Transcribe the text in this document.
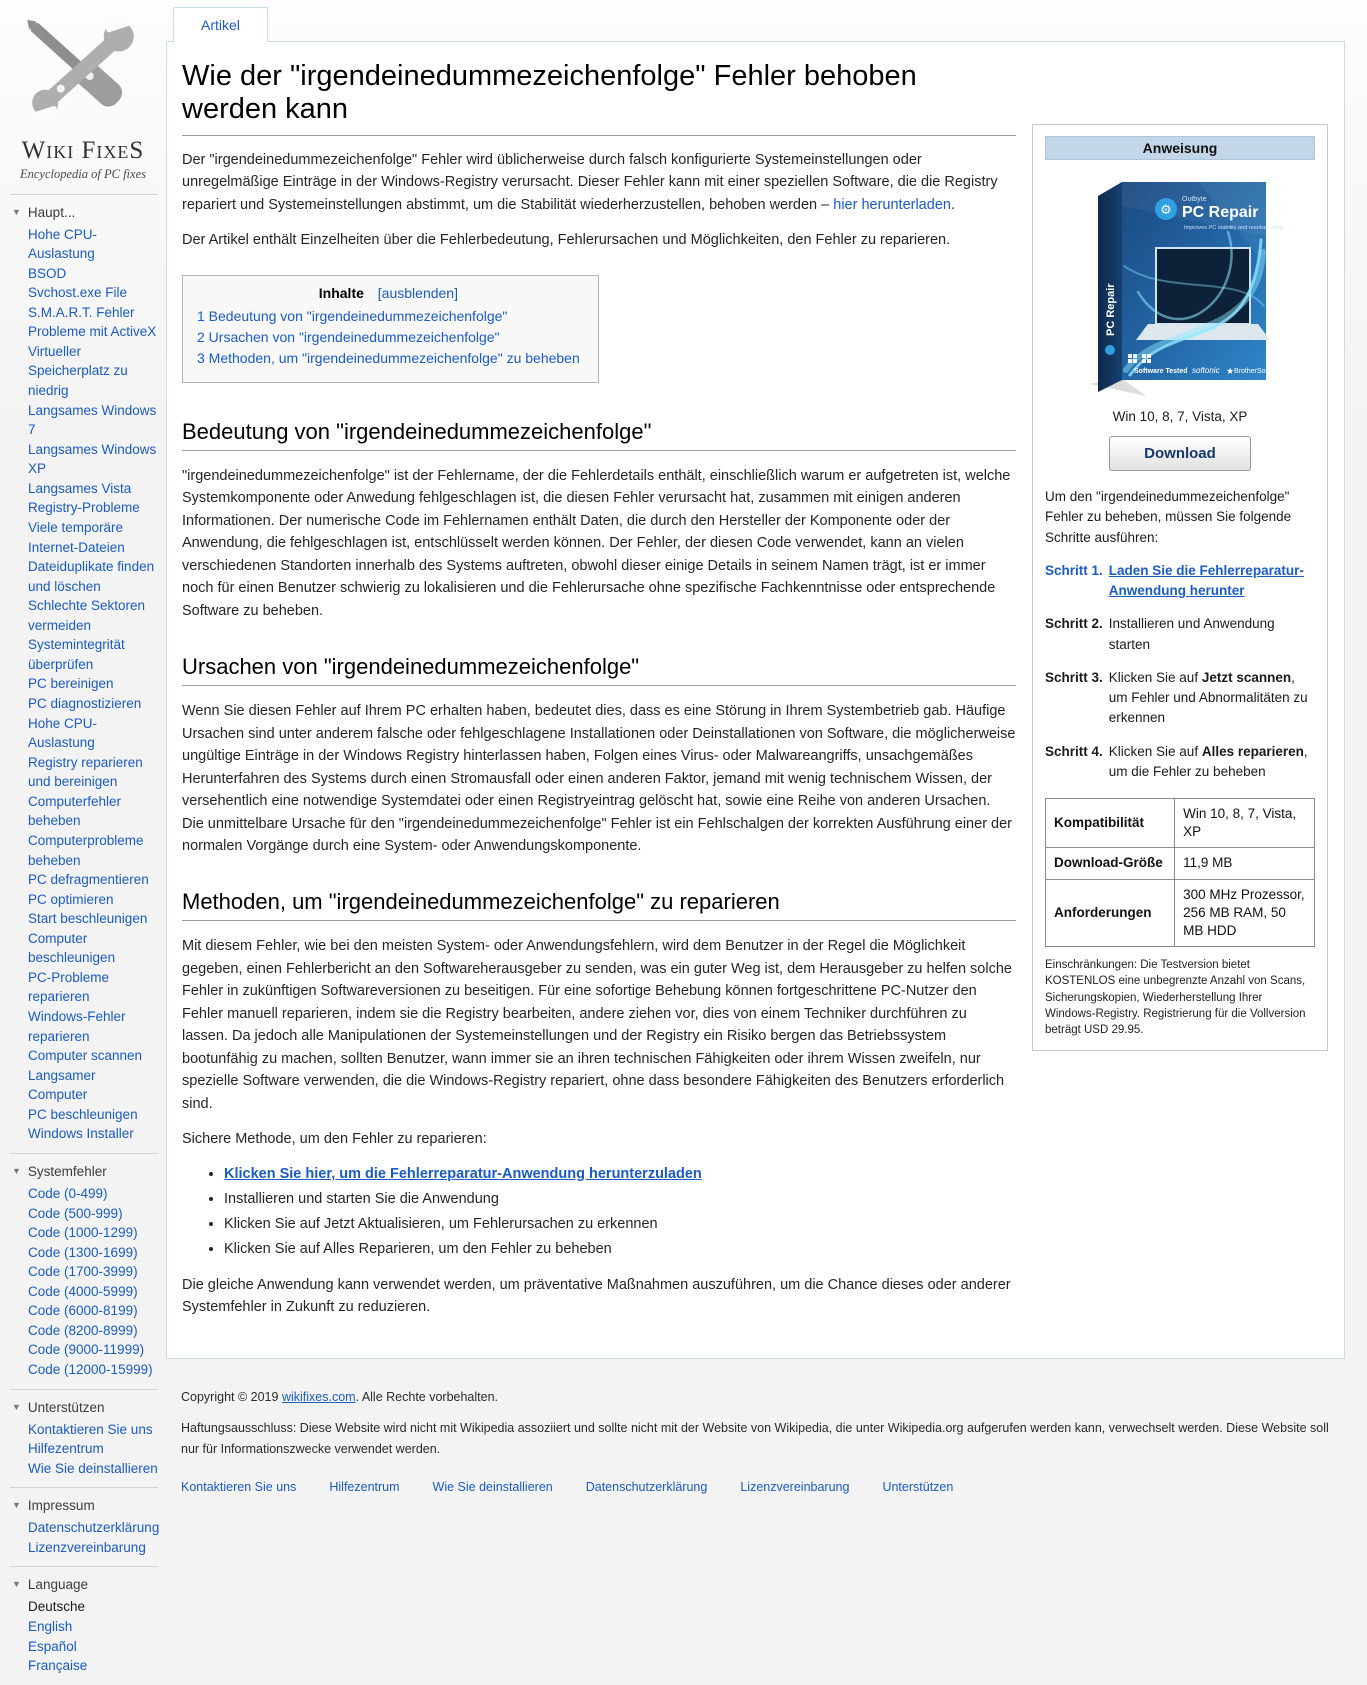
Wiki FixeS
Encyclopedia of PC fixes
▼ Haupt...
Hohe CPU-Auslastung
BSOD
Svchost.exe File
S.M.A.R.T. Fehler
Probleme mit ActiveX
Virtueller Speicherplatz zu niedrig
Langsames Windows 7
Langsames Windows XP
Langsames Vista
Registry-Probleme
Viele temporäre Internet-Dateien
Dateiduplikate finden und löschen
Schlechte Sektoren vermeiden
Systemintegrität überprüfen
PC bereinigen
PC diagnostizieren
Hohe CPU-Auslastung
Registry reparieren und bereinigen
Computerfehler beheben
Computerprobleme beheben
PC defragmentieren
PC optimieren
Start beschleunigen
Computer beschleunigen
PC-Probleme reparieren
Windows-Fehler reparieren
Computer scannen
Langsamer Computer
PC beschleunigen
Windows Installer
▼ Systemfehler
Code (0-499)
Code (500-999)
Code (1000-1299)
Code (1300-1699)
Code (1700-3999)
Code (4000-5999)
Code (6000-8199)
Code (8200-8999)
Code (9000-11999)
Code (12000-15999)
▼ Unterstützen
Kontaktieren Sie uns
Hilfezentrum
Wie Sie deinstallieren
▼ Impressum
Datenschutzerklärung
Lizenzvereinbarung
▼ Language
Deutsche
English
Español
Française
Artikel
Wie der "irgendeinedummezeichenfolge" Fehler behoben werden kann

Der "irgendeinedummezeichenfolge" Fehler wird üblicherweise durch falsch konfigurierte Systemeinstellungen oder unregelmäßige Einträge in der Windows-Registry verursacht. Dieser Fehler kann mit einer speziellen Software, die die Registry repariert und Systemeinstellungen abstimmt, um die Stabilität wiederherzustellen, behoben werden – hier herunterladen.

Der Artikel enthält Einzelheiten über die Fehlerbedeutung, Fehlerursachen und Möglichkeiten, den Fehler zu reparieren.

Inhalte [ausblenden]
1 Bedeutung von "irgendeinedummezeichenfolge"
2 Ursachen von "irgendeinedummezeichenfolge"
3 Methoden, um "irgendeinedummezeichenfolge" zu beheben
Bedeutung von "irgendeinedummezeichenfolge"

"irgendeinedummezeichenfolge" ist der Fehlername, der die Fehlerdetails enthält, einschließlich warum er aufgetreten ist, welche Systemkomponente oder Anwedung fehlgeschlagen ist, die diesen Fehler verursacht hat, zusammen mit einigen anderen Informationen. Der numerische Code im Fehlernamen enthält Daten, die durch den Hersteller der Komponente oder der Anwendung, die fehlgeschlagen ist, entschlüsselt werden können. Der Fehler, der diesen Code verwendet, kann an vielen verschiedenen Standorten innerhalb des Systems auftreten, obwohl dieser einige Details in seinem Namen trägt, ist er immer noch für einen Benutzer schwierig zu lokalisieren und die Fehlerursache ohne spezifische Fachkenntnisse oder entsprechende Software zu beheben.

Ursachen von "irgendeinedummezeichenfolge"

Wenn Sie diesen Fehler auf Ihrem PC erhalten haben, bedeutet dies, dass es eine Störung in Ihrem Systembetrieb gab. Häufige Ursachen sind unter anderem falsche oder fehlgeschlagene Installationen oder Deinstallationen von Software, die möglicherweise ungültige Einträge in der Windows Registry hinterlassen haben, Folgen eines Virus- oder Malwareangriffs, unsachgemäßes Herunterfahren des Systems durch einen Stromausfall oder einen anderen Faktor, jemand mit wenig technischem Wissen, der versehentlich eine notwendige Systemdatei oder einen Registryeintrag gelöscht hat, sowie eine Reihe von anderen Ursachen. Die unmittelbare Ursache für den "irgendeinedummezeichenfolge" Fehler ist ein Fehlschalgen der korrekten Ausführung einer der normalen Vorgänge durch eine System- oder Anwendungskomponente.

Methoden, um "irgendeinedummezeichenfolge" zu reparieren

Mit diesem Fehler, wie bei den meisten System- oder Anwendungsfehlern, wird dem Benutzer in der Regel die Möglichkeit gegeben, einen Fehlerbericht an den Softwareherausgeber zu senden, was ein guter Weg ist, dem Herausgeber zu helfen solche Fehler in zukünftigen Softwareversionen zu beseitigen. Für eine sofortige Behebung können fortgeschrittene PC-Nutzer den Fehler manuell reparieren, indem sie die Registry bearbeiten, andere ziehen vor, dies von einem Techniker durchführen zu lassen. Da jedoch alle Manipulationen der Systemeinstellungen und der Registry ein Risiko bergen das Betriebssystem bootunfähig zu machen, sollten Benutzer, wann immer sie an ihren technischen Fähigkeiten oder ihrem Wissen zweifeln, nur spezielle Software verwenden, die die Windows-Registry repariert, ohne dass besondere Fähigkeiten des Benutzers erforderlich sind.

Sichere Methode, um den Fehler zu reparieren:

• Klicken Sie hier, um die Fehlerreparatur-Anwendung herunterzuladen
• Installieren und starten Sie die Anwendung
• Klicken Sie auf Jetzt Aktualisieren, um Fehlerursachen zu erkennen
• Klicken Sie auf Alles Reparieren, um den Fehler zu beheben

Die gleiche Anwendung kann verwendet werden, um präventative Maßnahmen auszuführen, um die Chance dieses oder anderer Systemfehler in Zukunft zu reduzieren.

Anweisung
⚙
Outbyte
PC Repair
Improves PC stability and resolves errors
PC Repair
Software Tested softonic BrotherSoft
★
Win 10, 8, 7, Vista, XP
Download
Um den "irgendeinedummezeichenfolge" Fehler zu beheben, müssen Sie folgende Schritte ausführen:
Schritt 1. Laden Sie die Fehlerreparatur-Anwendung herunter
Schritt 2. Installieren und Anwendung starten
Schritt 3. Klicken Sie auf Jetzt scannen, um Fehler und Abnormalitäten zu erkennen
Schritt 4. Klicken Sie auf Alles reparieren, um die Fehler zu beheben
Kompatibilität	Win 10, 8, 7, Vista, XP
Download-Größe	11,9 MB
Anforderungen	300 MHz Prozessor, 256 MB RAM, 50 MB HDD
Einschränkungen: Die Testversion bietet KOSTENLOS eine unbegrenzte Anzahl von Scans, Sicherungskopien, Wiederherstellung Ihrer Windows-Registry. Registrierung für die Vollversion beträgt USD 29.95.

Copyright © 2019 wikifixes.com. Alle Rechte vorbehalten.

Haftungsausschluss: Diese Website wird nicht mit Wikipedia assoziiert und sollte nicht mit der Website von Wikipedia, die unter Wikipedia.org aufgerufen werden kann, verwechselt werden. Diese Website soll nur für Informationszwecke verwendet werden.

Kontaktieren Sie uns	Hilfezentrum	Wie Sie deinstallieren	Datenschutzerklärung	Lizenzvereinbarung	Unterstützen
